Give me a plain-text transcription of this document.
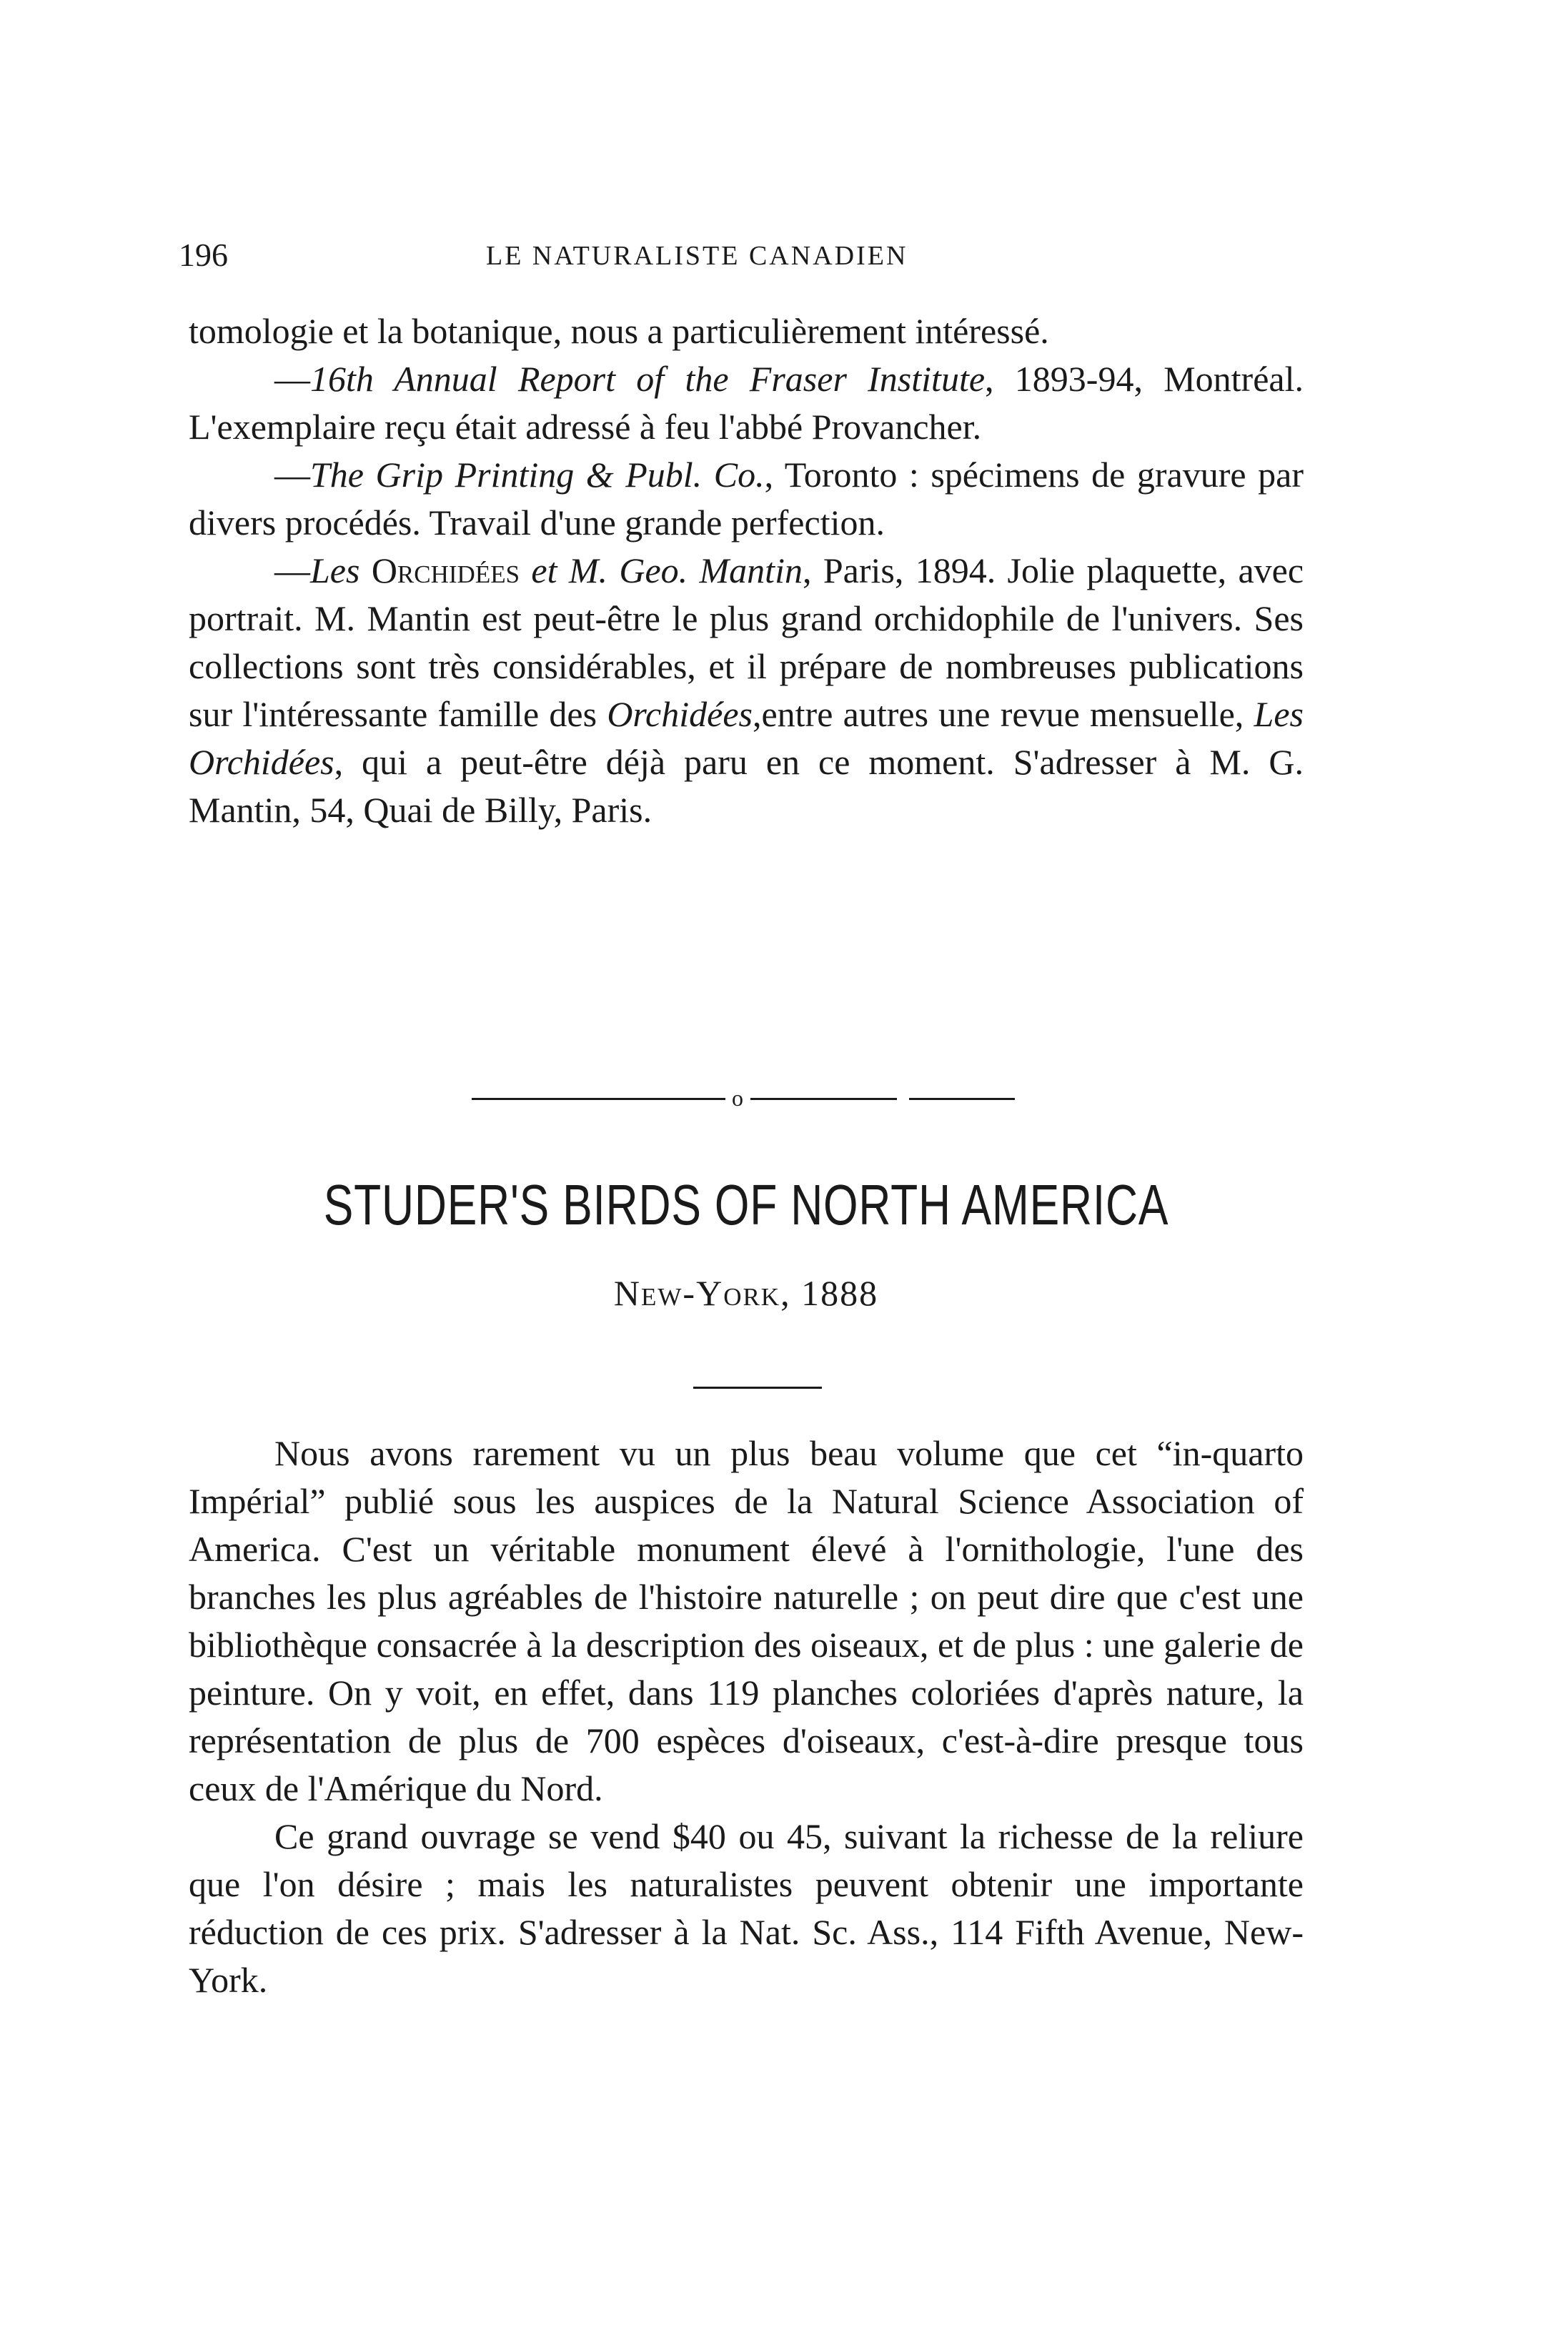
196	LE NATURALISTE CANADIEN

tomologie et la botanique, nous a particulièrement intéressé.

—16th Annual Report of the Fraser Institute, 1893-94, Montréal. L'exemplaire reçu était adressé à feu l'abbé Provancher.

—The Grip Printing & Publ. Co., Toronto : spécimens de gravure par divers procédés. Travail d'une grande perfection.

—Les Orchidées et M. Geo. Mantin, Paris, 1894. Jolie plaquette, avec portrait. M. Mantin est peut-être le plus grand orchidophile de l'univers. Ses collections sont très considérables, et il prépare de nombreuses publications sur l'intéressante famille des Orchidées,entre autres une revue mensuelle, Les Orchidées, qui a peut-être déjà paru en ce moment. S'adresser à M. G. Mantin, 54, Quai de Billy, Paris.

o
STUDER'S BIRDS OF NORTH AMERICA
New-York, 1888

Nous avons rarement vu un plus beau volume que cet “in-quarto Impérial” publié sous les auspices de la Natural Science Association of America. C'est un véritable monument élevé à l'ornithologie, l'une des branches les plus agréables de l'histoire naturelle ; on peut dire que c'est une bibliothèque consacrée à la description des oiseaux, et de plus : une galerie de peinture. On y voit, en effet, dans 119 planches coloriées d'après nature, la représentation de plus de 700 espèces d'oiseaux, c'est-à-dire presque tous ceux de l'Amérique du Nord.

Ce grand ouvrage se vend $40 ou 45, suivant la richesse de la reliure que l'on désire ; mais les naturalistes peuvent obtenir une importante réduction de ces prix. S'adresser à la Nat. Sc. Ass., 114 Fifth Avenue, New-York.
